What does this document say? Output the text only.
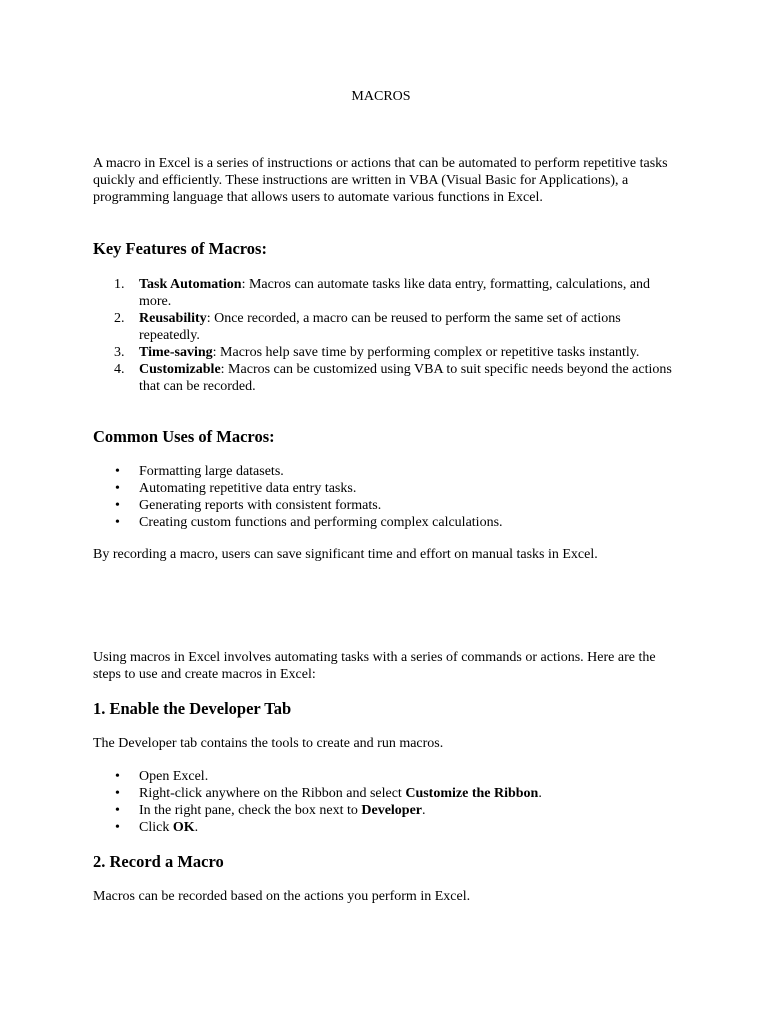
MACROS

A macro in Excel is a series of instructions or actions that can be automated to perform repetitive tasks quickly and efficiently. These instructions are written in VBA (Visual Basic for Applications), a programming language that allows users to automate various functions in Excel.

Key Features of Macros:
1.	Task Automation: Macros can automate tasks like data entry, formatting, calculations, and more.
2.	Reusability: Once recorded, a macro can be reused to perform the same set of actions repeatedly.
3.	Time-saving: Macros help save time by performing complex or repetitive tasks instantly.
4.	Customizable: Macros can be customized using VBA to suit specific needs beyond the actions that can be recorded.
Common Uses of Macros:
• Formatting large datasets.
• Automating repetitive data entry tasks.
• Generating reports with consistent formats.
• Creating custom functions and performing complex calculations.

By recording a macro, users can save significant time and effort on manual tasks in Excel.

Using macros in Excel involves automating tasks with a series of commands or actions. Here are the steps to use and create macros in Excel:

1. Enable the Developer Tab

The Developer tab contains the tools to create and run macros.

• Open Excel.
• Right-click anywhere on the Ribbon and select Customize the Ribbon.
• In the right pane, check the box next to Developer.
• Click OK.
2. Record a Macro

Macros can be recorded based on the actions you perform in Excel.
